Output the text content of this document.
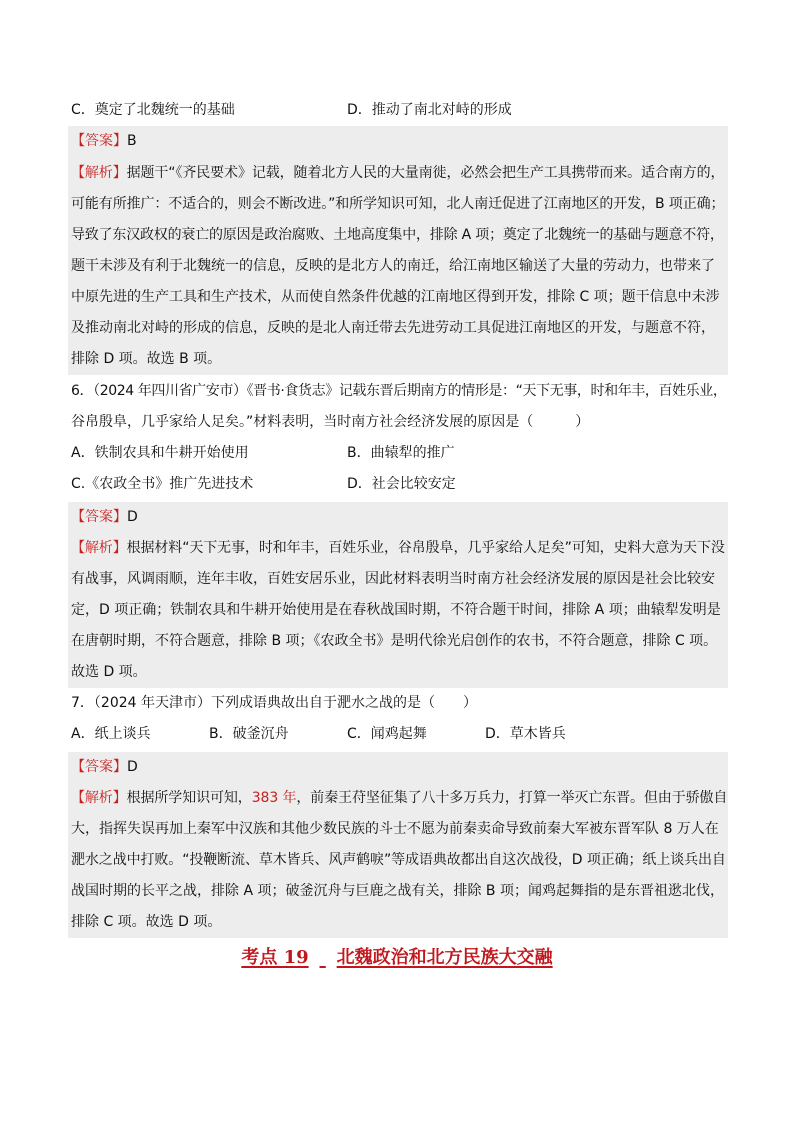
C．奠定了北魏统一的基础	D．推动了南北对峙的形成
【答案】B
【解析】据题干“《齐民要术》记载，随着北方人民的大量南徙，必然会把生产工具携带而来。适合南方的，
可能有所推广：不适合的，则会不断改进。”和所学知识可知，北人南迁促进了江南地区的开发，B 项正确；
导致了东汉政权的衰亡的原因是政治腐败、土地高度集中，排除 A 项；奠定了北魏统一的基础与题意不符，
题干未涉及有利于北魏统一的信息，反映的是北方人的南迁，给江南地区输送了大量的劳动力，也带来了
中原先进的生产工具和生产技术，从而使自然条件优越的江南地区得到开发，排除 C 项；题干信息中未涉
及推动南北对峙的形成的信息，反映的是北人南迁带去先进劳动工具促进江南地区的开发，与题意不符，
排除 D 项。故选 B 项。
6．（2024 年四川省广安市）《晋书·食货志》记载东晋后期南方的情形是：“天下无事，时和年丰，百姓乐业，
谷帛殷阜，几乎家给人足矣。”材料表明，当时南方社会经济发展的原因是（　　　）
A．铁制农具和牛耕开始使用	B．曲辕犁的推广
C.《农政全书》推广先进技术	D．社会比较安定
【答案】D
【解析】根据材料“天下无事，时和年丰，百姓乐业，谷帛殷阜，几乎家给人足矣”可知，史料大意为天下没
有战事，风调雨顺，连年丰收，百姓安居乐业，因此材料表明当时南方社会经济发展的原因是社会比较安
定，D 项正确；铁制农具和牛耕开始使用是在春秋战国时期，不符合题干时间，排除 A 项；曲辕犁发明是
在唐朝时期，不符合题意，排除 B 项；《农政全书》是明代徐光启创作的农书，不符合题意，排除 C 项。
故选 D 项。
7．（2024 年天津市）下列成语典故出自于淝水之战的是（　　）
A．纸上谈兵	B．破釜沉舟	C．闻鸡起舞	D．草木皆兵
【答案】D
【解析】根据所学知识可知，383 年，前秦王苻坚征集了八十多万兵力，打算一举灭亡东晋。但由于骄傲自
大，指挥失误再加上秦军中汉族和其他少数民族的斗士不愿为前秦卖命导致前秦大军被东晋军队 8 万人在
淝水之战中打败。“投鞭断流、草木皆兵、风声鹤唳”等成语典故都出自这次战役，D 项正确；纸上谈兵出自
战国时期的长平之战，排除 A 项；破釜沉舟与巨鹿之战有关，排除 B 项；闻鸡起舞指的是东晋祖逖北伐，
排除 C 项。故选 D 项。
考点 19 北魏政治和北方民族大交融
